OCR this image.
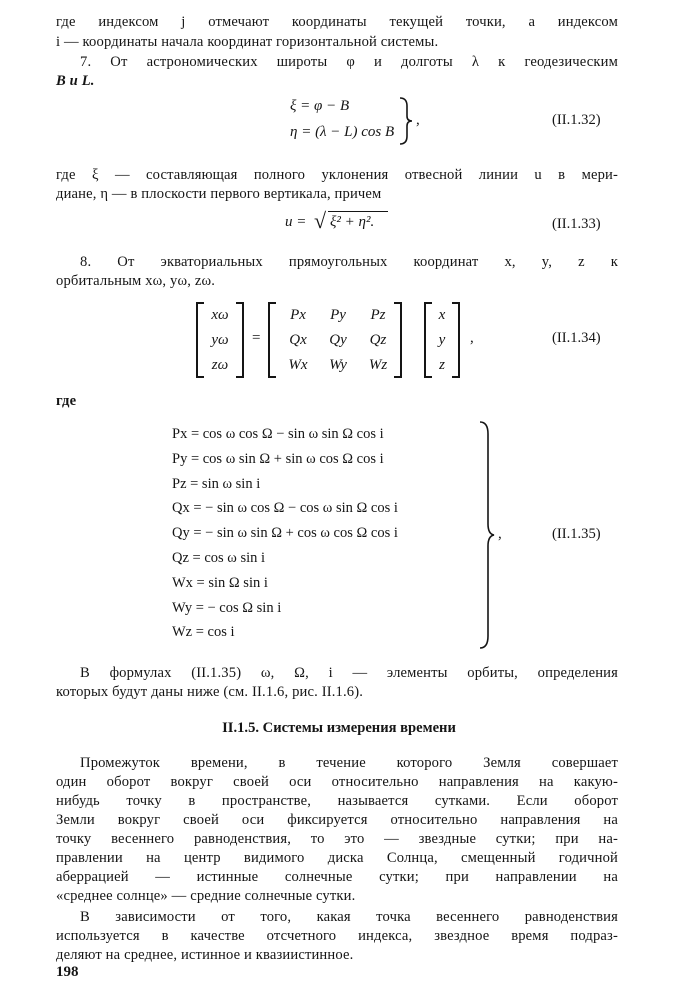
где индексом j отмечают координаты текущей точки, а индексом
i — координаты начала координат горизонтальной системы.
7. От астрономических широты φ и долготы λ к геодезическим
B и L.
ξ = φ − B
η = (λ − L) cos B
,	(II.1.32)
где ξ — составляющая полного уклонения отвесной линии u в мери-
диане, η — в плоскости первого вертикала, причем
u = √ ξ² + η².	(II.1.33)
8. От экваториальных прямоугольных координат x, y, z к
орбитальным xω, yω, zω.
xω
yω
zω
=
Px	Py	Pz
Qx	Qy	Qz
Wx	Wy	Wz
x
y
z
,	(II.1.34)
где
Px = cos ω cos Ω − sin ω sin Ω cos i
Py = cos ω sin Ω + sin ω cos Ω cos i
Pz = sin ω sin i
Qx = − sin ω cos Ω − cos ω sin Ω cos i
Qy = − sin ω sin Ω + cos ω cos Ω cos i
Qz = cos ω sin i
Wx = sin Ω sin i
Wy = − cos Ω sin i
Wz = cos i
,	(II.1.35)
В формулах (II.1.35) ω, Ω, i — элементы орбиты, определения
которых будут даны ниже (см. II.1.6, рис. II.1.6).
II.1.5. Системы измерения времени
Промежуток времени, в течение которого Земля совершает
один оборот вокруг своей оси относительно направления на какую-
нибудь точку в пространстве, называется сутками. Если оборот
Земли вокруг своей оси фиксируется относительно направления на
точку весеннего равноденствия, то это — звездные сутки; при на-
правлении на центр видимого диска Солнца, смещенный годичной
аберрацией — истинные солнечные сутки; при направлении на
«среднее солнце» — средние солнечные сутки.
В зависимости от того, какая точка весеннего равноденствия
используется в качестве отсчетного индекса, звездное время подраз-
деляют на среднее, истинное и квазиистинное.
198
